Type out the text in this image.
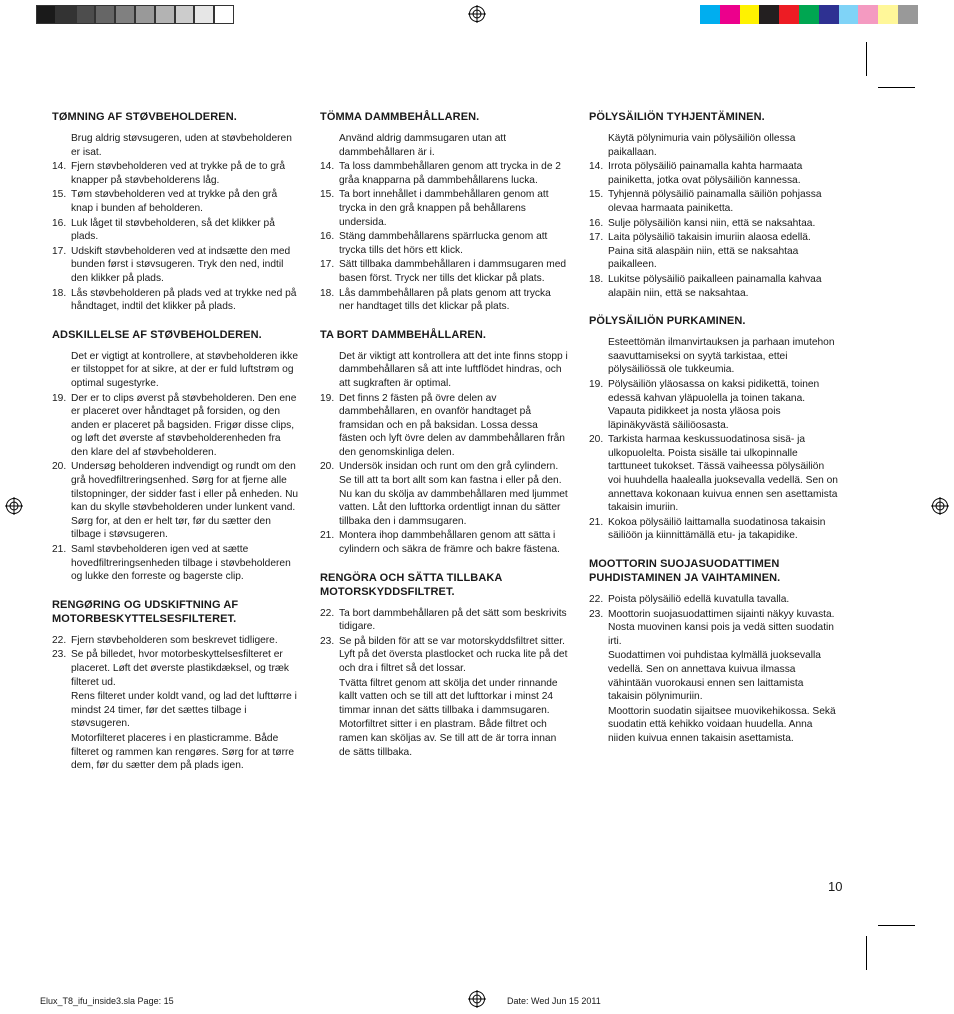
TØMNING AF STØVBEHOLDEREN.
Brug aldrig støvsugeren, uden at støvbeholderen er isat.
14. Fjern støvbeholderen ved at trykke på de to grå knapper på støvbeholderens låg.
15. Tøm støvbeholderen ved at trykke på den grå knap i bunden af beholderen.
16. Luk låget til støvbeholderen, så det klikker på plads.
17. Udskift støvbeholderen ved at indsætte den med bunden først i støvsugeren. Tryk den ned, indtil den klikker på plads.
18. Lås støvbeholderen på plads ved at trykke ned på håndtaget, indtil det klikker på plads.
ADSKILLELSE AF STØVBEHOLDEREN.
Det er vigtigt at kontrollere, at støvbeholderen ikke er tilstoppet for at sikre, at der er fuld luftstrøm og optimal sugestyrke.
19. Der er to clips øverst på støvbeholderen. Den ene er placeret over håndtaget på forsiden, og den anden er placeret på bagsiden. Frigør disse clips, og løft det øverste af støvbeholderenheden fra den klare del af støvbeholderen.
20. Undersøg beholderen indvendigt og rundt om den grå hovedfiltreringsenhed. Sørg for at fjerne alle tilstopninger, der sidder fast i eller på enheden. Nu kan du skylle støvbeholderen under lunkent vand. Sørg for, at den er helt tør, før du sætter den tilbage i støvsugeren.
21. Saml støvbeholderen igen ved at sætte hovedfiltreringsenheden tilbage i støvbeholderen og lukke den forreste og bagerste clip.
RENGØRING OG UDSKIFTNING AF MOTORBESKYTTELSESFILTERET.
22. Fjern støvbeholderen som beskrevet tidligere.
23. Se på billedet, hvor motorbeskyttelsesfilteret er placeret. Løft det øverste plastikdæksel, og træk filteret ud.
Rens filteret under koldt vand, og lad det lufttørre i mindst 24 timer, før det sættes tilbage i støvsugeren.
Motorfilteret placeres i en plasticramme. Både filteret og rammen kan rengøres. Sørg for at tørre dem, før du sætter dem på plads igen.
TÖMMA DAMMBEHÅLLAREN.
Använd aldrig dammsugaren utan att dammbehållaren är i.
14. Ta loss dammbehållaren genom att trycka in de 2 gråa knapparna på dammbehållarens lucka.
15. Ta bort innehållet i dammbehållaren genom att trycka in den grå knappen på behållarens undersida.
16. Stäng dammbehållarens spärrlucka genom att trycka tills det hörs ett klick.
17. Sätt tillbaka dammbehållaren i dammsugaren med basen först. Tryck ner tills det klickar på plats.
18. Lås dammbehållaren på plats genom att trycka ner handtaget tills det klickar på plats.
TA BORT DAMMBEHÅLLAREN.
Det är viktigt att kontrollera att det inte finns stopp i dammbehållaren så att inte luftflödet hindras, och att sugkraften är optimal.
19. Det finns 2 fästen på övre delen av dammbehållaren, en ovanför handtaget på framsidan och en på baksidan. Lossa dessa fästen och lyft övre delen av dammbehållaren från den genomskinliga delen.
20. Undersök insidan och runt om den grå cylindern. Se till att ta bort allt som kan fastna i eller på den. Nu kan du skölja av dammbehållaren med ljummet vatten. Låt den lufttorka ordentligt innan du sätter tillbaka den i dammsugaren.
21. Montera ihop dammbehållaren genom att sätta i cylindern och säkra de främre och bakre fästena.
RENGÖRA OCH SÄTTA TILLBAKA MOTORSKYDDSFILTRET.
22. Ta bort dammbehållaren på det sätt som beskrivits tidigare.
23. Se på bilden för att se var motorskyddsfiltret sitter. Lyft på det översta plastlocket och rucka lite på det och dra i filtret så det lossar.
Tvätta filtret genom att skölja det under rinnande kallt vatten och se till att det lufttorkar i minst 24 timmar innan det sätts tillbaka i dammsugaren.
Motorfiltret sitter i en plastram. Både filtret och ramen kan sköljas av. Se till att de är torra innan de sätts tillbaka.
PÖLYSÄILIÖN TYHJENTÄMINEN.
Käytä pölynimuria vain pölysäiliön ollessa paikallaan.
14. Irrota pölysäiliö painamalla kahta harmaata painiketta, jotka ovat pölysäiliön kannessa.
15. Tyhjennä pölysäiliö painamalla säiliön pohjassa olevaa harmaata painiketta.
16. Sulje pölysäiliön kansi niin, että se naksahtaa.
17. Laita pölysäiliö takaisin imuriin alaosa edellä. Paina sitä alaspäin niin, että se naksahtaa paikalleen.
18. Lukitse pölysäiliö paikalleen painamalla kahvaa alapäin niin, että se naksahtaa.
PÖLYSÄILIÖN PURKAMINEN.
Esteettömän ilmanvirtauksen ja parhaan imutehon saavuttamiseksi on syytä tarkistaa, ettei pölysäiliössä ole tukkeumia.
19. Pölysäiliön yläosassa on kaksi pidikettä, toinen edessä kahvan yläpuolella ja toinen takana. Vapauta pidikkeet ja nosta yläosa pois läpinäkyvästä säiliöosasta.
20. Tarkista harmaa keskussuodatinosa sisä- ja ulkopuolelta. Poista sisälle tai ulkopinnalle tarttuneet tukokset. Tässä vaiheessa pölysäiliön voi huuhdella haalealla juoksevalla vedellä. Sen on annettava kokonaan kuivua ennen sen asettamista takaisin imuriin.
21. Kokoa pölysäiliö laittamalla suodatinosa takaisin säiliöön ja kiinnittämällä etu- ja takapidike.
MOOTTORIN SUOJASUODATTIMEN PUHDISTAMINEN JA VAIHTAMINEN.
22. Poista pölysäiliö edellä kuvatulla tavalla.
23. Moottorin suojasuodattimen sijainti näkyy kuvasta. Nosta muovinen kansi pois ja vedä sitten suodatin irti.
Suodattimen voi puhdistaa kylmällä juoksevalla vedellä. Sen on annettava kuivua ilmassa vähintään vuorokausi ennen sen laittamista takaisin pölynimuriin.
Moottorin suodatin sijaitsee muovikehikossa. Sekä suodatin että kehikko voidaan huudella. Anna niiden kuivua ennen takaisin asettamista.
10
Elux_T8_ifu_inside3.sla Page: 15	Date: Wed Jun 15 2011
